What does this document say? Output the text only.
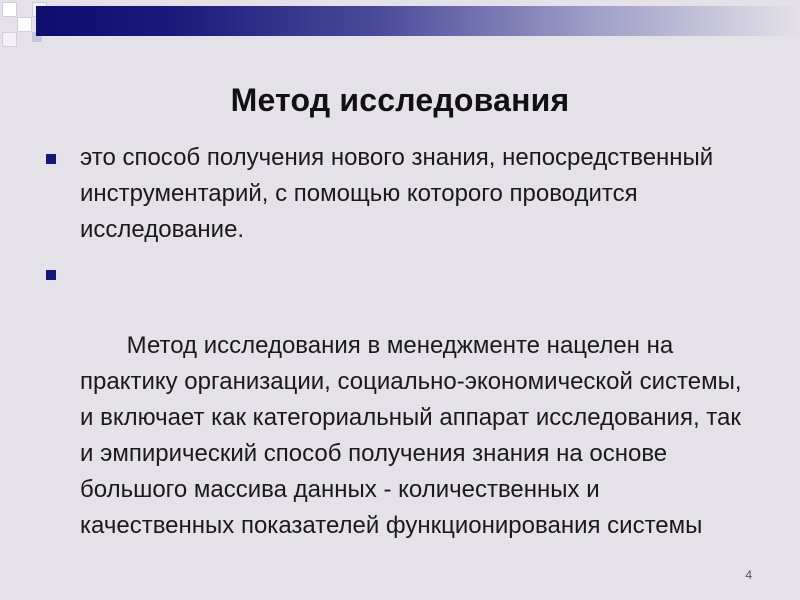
Метод исследования
это способ получения нового знания, непосредственный инструментарий, с помощью которого проводится исследование.

Метод исследования в менеджменте нацелен на практику организации, социально-экономической системы, и включает как категориальный аппарат исследования, так и эмпирический способ получения знания на основе большого массива данных - количественных и качественных показателей функционирования системы

4
